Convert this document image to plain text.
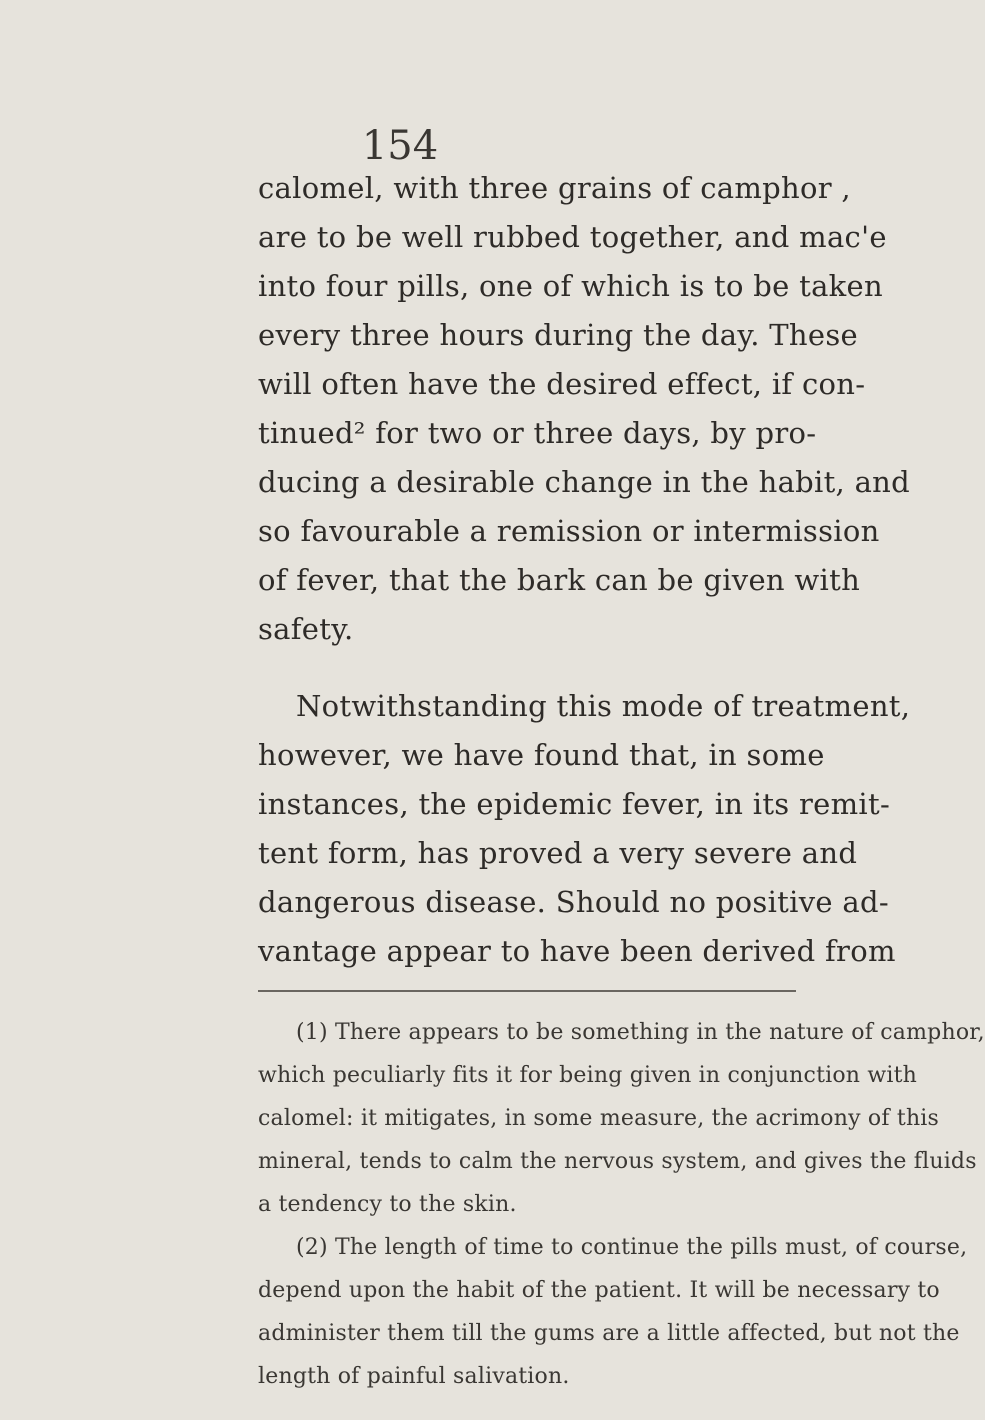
154
calomel, with three grains of camphor ,
are to be well rubbed together, and mac'e
into four pills, one of which is to be taken
every three hours during the day. These
will often have the desired effect, if con-
tinued² for two or three days, by pro-
ducing a desirable change in the habit, and
so favourable a remission or intermission
of fever, that the bark can be given with
safety.
Notwithstanding this mode of treatment,
however, we have found that, in some
instances, the epidemic fever, in its remit-
tent form, has proved a very severe and
dangerous disease. Should no positive ad-
vantage appear to have been derived from
(1) There appears to be something in the nature of camphor,
which peculiarly fits it for being given in conjunction with
calomel: it mitigates, in some measure, the acrimony of this
mineral, tends to calm the nervous system, and gives the fluids
a tendency to the skin.
(2) The length of time to continue the pills must, of course,
depend upon the habit of the patient. It will be necessary to
administer them till the gums are a little affected, but not the
length of painful salivation.
